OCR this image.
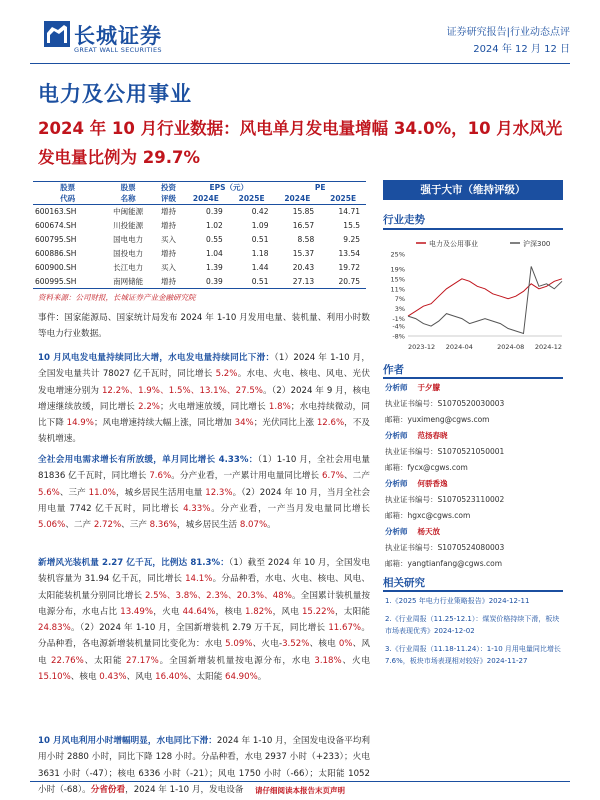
长城证券
GREAT WALL SECURITIES
证券研究报告|行业动态点评
2024 年 12 月 12 日
电力及公用事业
2024 年 10 月行业数据：风电单月发电量增幅 34.0%，10 月水风光发电量比例为 29.7%
股票	股票	投资	EPS（元）		PE	
代码	名称	评级	2024E	2025E	2024E	2025E
600163.SH	中闽能源	增持	0.39	0.42	15.85	14.71
600674.SH	川投能源	增持	1.02	1.09	16.57	15.5
600795.SH	国电电力	买入	0.55	0.51	8.58	9.25
600886.SH	国投电力	增持	1.04	1.18	15.37	13.54
600900.SH	长江电力	买入	1.39	1.44	20.43	19.72
600995.SH	南网储能	增持	0.39	0.51	27.13	20.75
资料来源：公司财报，长城证券产业金融研究院
事件：国家能源局、国家统计局发布 2024 年 1-10 月发用电量、装机量、利用小时数等电力行业数据。
10 月风电发电量持续同比大增，水电发电量持续同比下滑：（1）2024 年 1-10 月，全国发电量共计 78027 亿千瓦时，同比增长 5.2%。水电、火电、核电、风电、光伏发电增速分别为 12.2%、1.9%、1.5%、13.1%、27.5%。（2）2024 年 9 月，核电增速继续放缓，同比增长 2.2%；火电增速放缓，同比增长 1.8%；水电持续微动，同比下降 14.9%；风电增速持续大幅上涨，同比增加 34%；光伏同比上涨 12.6%，不及装机增速。
全社会用电需求增长有所放缓，单月同比增长 4.33%：（1）1-10 月，全社会用电量 81836 亿千瓦时，同比增长 7.6%。分产业看，一产累计用电量同比增长 6.7%、二产 5.6%、三产 11.0%，城乡居民生活用电量 12.3%。（2）2024 年 10 月，当月全社会用电量 7742 亿千瓦时，同比增长 4.33%。分产业看，一产当月发电量同比增长 5.06%、二产 2.72%、三产 8.36%，城乡居民生活 8.07%。
新增风光装机量 2.27 亿千瓦，比例达 81.3%：（1）截至 2024 年 10 月，全国发电装机容量为 31.94 亿千瓦，同比增长 14.1%。分品种看，水电、火电、核电、风电、太阳能装机量分别同比增长 2.5%、3.8%、2.3%、20.3%、48%。全国累计装机量按电源分布，水电占比 13.49%，火电 44.64%，核电 1.82%，风电 15.22%，太阳能 24.83%。（2）2024 年 1-10 月，全国新增装机 2.79 万千瓦，同比增长 11.67%。分品种看，各电源新增装机量同比变化为：水电 5.09%、火电-3.52%、核电 0%、风电 22.76%、太阳能 27.17%。全国新增装机量按电源分布，水电 3.18%、火电 15.10%、核电 0.43%、风电 16.40%、太阳能 64.90%。
10 月风电利用小时增幅明显，水电同比下滑：2024 年 1-10 月，全国发电设备平均利用小时 2880 小时，同比下降 128 小时。分品种看，水电 2937 小时（+233）；火电 3631 小时（-47）；核电 6336 小时（-21）；风电 1750 小时（-66）；太阳能 1052 小时（-68）。分省份看，2024 年 1-10 月，发电设备
强于大市（维持评级）
行业走势
电力及公用事业	沪深300
25%
19%
15%
11%
7%
3%
-1%
-4%
-8%
2023-12 2024-04	2024-08 2024-12
作者
分析师 于夕朦
执业证书编号：S1070520030003
邮箱：yuximeng@cgws.com
分析师 范扬春晓
执业证书编号：S1070521050001
邮箱：fycx@cgws.com
分析师 何骄香逸
执业证书编号：S1070523110002
邮箱：hgxc@cgws.com
分析师 杨天放
执业证书编号：S1070524080003
邮箱：yangtianfang@cgws.com
相关研究
1.《2025 年电力行业策略报告》2024-12-11
2.《行业周报（11.25-12.1）：煤炭价格持续下滑，板块市场表现优秀》2024-12-02
3.《行业周报（11.18-11.24）：1-10 月用电量同比增长 7.6%，板块市场表现相对较好》2024-11-27
请仔细阅读本报告末页声明
